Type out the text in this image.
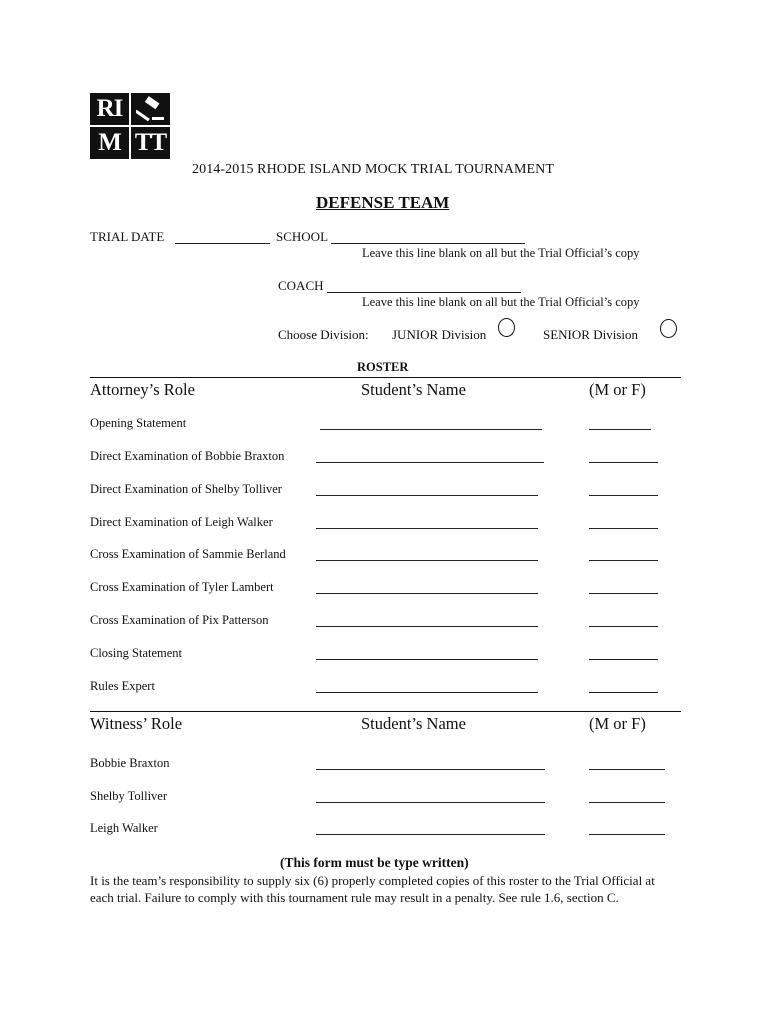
RI
M TT
2014-2015 RHODE ISLAND MOCK TRIAL TOURNAMENT
DEFENSE TEAM
TRIAL DATE	SCHOOL
Leave this line blank on all but the Trial Official’s copy
COACH
Leave this line blank on all but the Trial Official’s copy
Choose Division: JUNIOR Division	SENIOR Division
ROSTER
Attorney’s Role	Student’s Name	(M or F)
Opening Statement
Direct Examination of Bobbie Braxton
Direct Examination of Shelby Tolliver
Direct Examination of Leigh Walker
Cross Examination of Sammie Berland
Cross Examination of Tyler Lambert
Cross Examination of Pix Patterson
Closing Statement
Rules Expert
Witness’ Role	Student’s Name	(M or F)
Bobbie Braxton
Shelby Tolliver
Leigh Walker
(This form must be type written)
It is the team’s responsibility to supply six (6) properly completed copies of this roster to the Trial Official at each trial. Failure to comply with this tournament rule may result in a penalty. See rule 1.6, section C.
